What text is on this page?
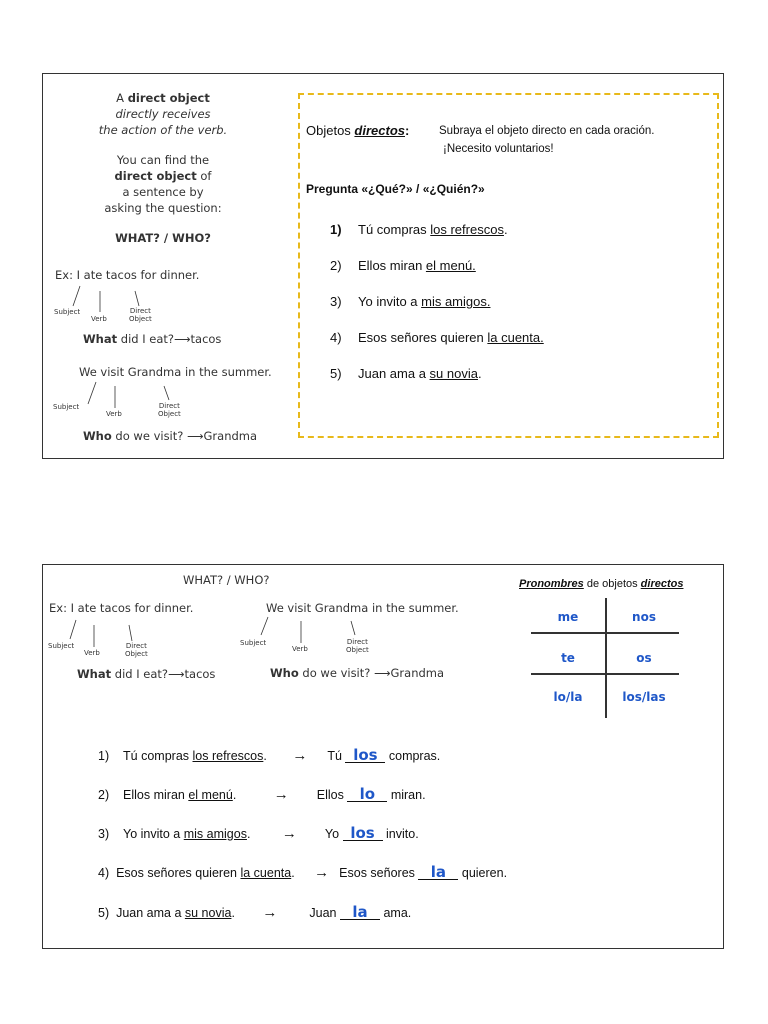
A direct object
directly receives
the action of the verb.

You can find the
direct object of
a sentence by
asking the question:

WHAT? / WHO?

Ex: I ate tacos for dinner.
Subject
Verb
Direct
Object
What did I eat?⟶tacos
We visit Grandma in the summer.
Subject
Verb
Direct
Object
Who do we visit? ⟶Grandma
Objetos directos:	Subraya el objeto directo en cada oración.
¡Necesito voluntarios!
Pregunta «¿Qué?» / «¿Quién?»
1) Tú compras los refrescos.
2) Ellos miran el menú.
3) Yo invito a mis amigos.
4) Esos señores quieren la cuenta.
5) Juan ama a su novia.
WHAT? / WHO?
Ex: I ate tacos for dinner.
Subject
Verb
Direct
Object
What did I eat?⟶tacos
We visit Grandma in the summer.
Subject
Verb
Direct
Object
Who do we visit? ⟶Grandma
Pronombres de objetos directos
me	nos
te	os
lo/la	los/las
1) Tú compras los refrescos. → Tú los compras.
2) Ellos miran el menú. → Ellos lo miran.
3) Yo invito a mis amigos. → Yo los invito.
4) Esos señores quieren la cuenta. → Esos señores la quieren.
5) Juan ama a su novia. →	Juan la ama.
